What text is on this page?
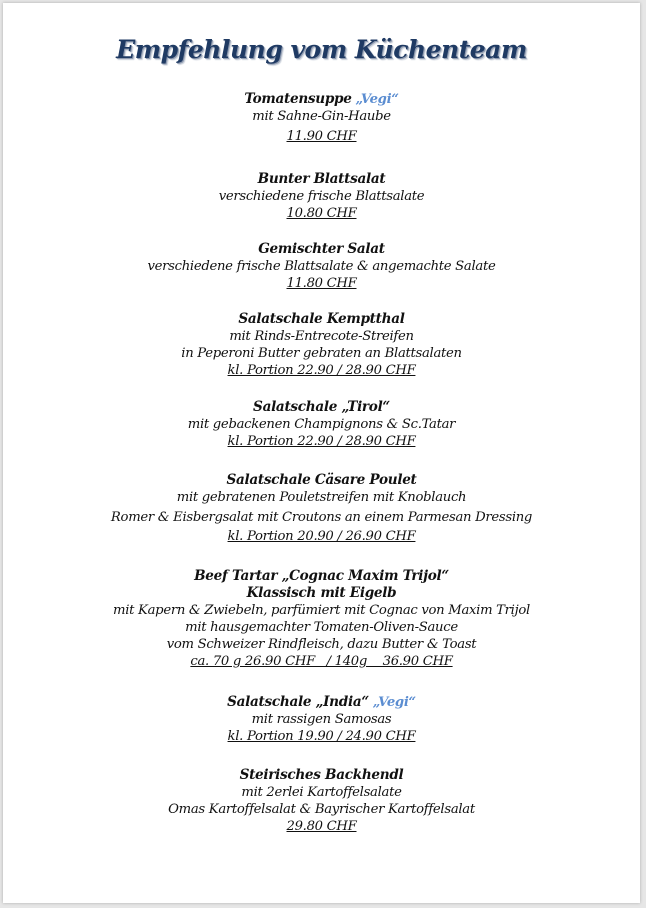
Empfehlung vom Küchenteam
Tomatensuppe „Vegi“
mit Sahne-Gin-Haube
11.90 CHF
Bunter Blattsalat
verschiedene frische Blattsalate
10.80 CHF
Gemischter Salat
verschiedene frische Blattsalate & angemachte Salate
11.80 CHF
Salatschale Kemptthal
mit Rinds-Entrecote-Streifen
in Peperoni Butter gebraten an Blattsalaten
kl. Portion 22.90 / 28.90 CHF
Salatschale „Tirol“
mit gebackenen Champignons & Sc.Tatar
kl. Portion 22.90 / 28.90 CHF
Salatschale Cäsare Poulet
mit gebratenen Pouletstreifen mit Knoblauch
Romer & Eisbergsalat mit Croutons an einem Parmesan Dressing
kl. Portion 20.90 / 26.90 CHF
Beef Tartar „Cognac Maxim Trijol“
Klassisch mit Eigelb
mit Kapern & Zwiebeln, parfümiert mit Cognac von Maxim Trijol
mit hausgemachter Tomaten-Oliven-Sauce
vom Schweizer Rindfleisch, dazu Butter & Toast
ca. 70 g 26.90 CHF   / 140g    36.90 CHF
Salatschale „India“ „Vegi“
mit rassigen Samosas
kl. Portion 19.90 / 24.90 CHF
Steirisches Backhendl
mit 2erlei Kartoffelsalate
Omas Kartoffelsalat & Bayrischer Kartoffelsalat
29.80 CHF
